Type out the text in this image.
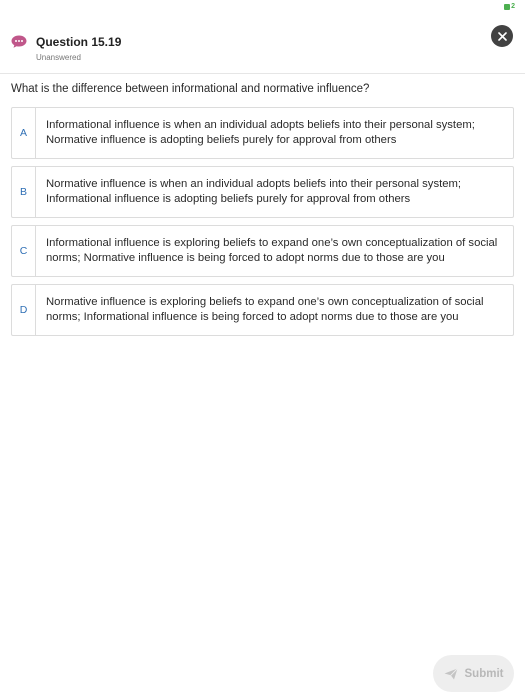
2
Question 15.19
Unanswered
What is the difference between informational and normative influence?
A
Informational influence is when an individual adopts beliefs into their personal system; Normative influence is adopting beliefs purely for approval from others
B
Normative influence is when an individual adopts beliefs into their personal system; Informational influence is adopting beliefs purely for approval from others
C
Informational influence is exploring beliefs to expand one’s own conceptualization of social norms; Normative influence is being forced to adopt norms due to those are you
D
Normative influence is exploring beliefs to expand one’s own conceptualization of social norms; Informational influence is being forced to adopt norms due to those are you
Submit
